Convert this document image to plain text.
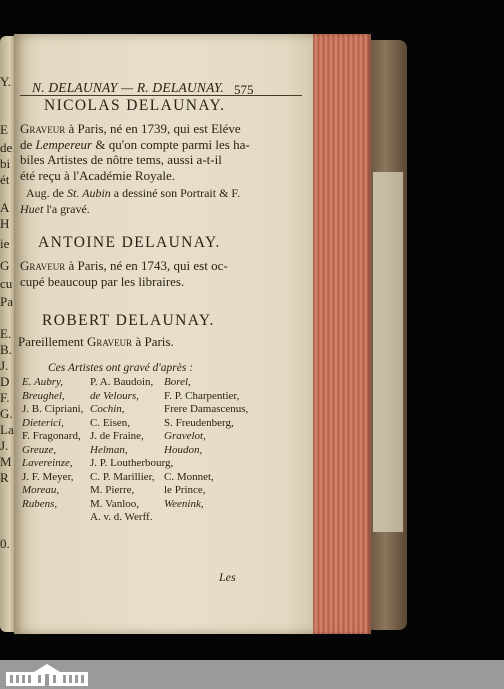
Y.
E
de
bi
ét
A
H
ie
G
cu
Pa
E.
B.
J.
D
F.
G.
La
J.
M
R
0.
N. DELAUNAY — R. DELAUNAY. 575
NICOLAS DELAUNAY.
Graveur à Paris, né en 1739, qui est Eléve
de Lempereur & qu'on compte parmi les ha-
biles Artistes de nôtre tems, aussi a-t-il
été reçu à l'Académie Royale.
Aug. de St. Aubin a dessiné son Portrait & F.
Huet l'a gravé.
ANTOINE DELAUNAY.
Graveur à Paris, né en 1743, qui est oc-
cupé beaucoup par les libraires.
ROBERT DELAUNAY.
Pareillement Graveur à Paris.
Ces Artistes ont gravé d'après :
E. Aubry,
Breughel,
J. B. Cipriani,
Dieterici,
F. Fragonard,
Greuze,
Lavereinze,
J. F. Meyer,
Moreau,
Rubens,
P. A. Baudoin,
de Velours,
Cochin,
C. Eisen,
J. de Fraine,
Helman,
J. P. Loutherbourg,
C. P. Marillier,
M. Pierre,
M. Vanloo,
A. v. d. Werff.
Borel,
F. P. Charpentier,
Frere Damascenus,
S. Freudenberg,
Gravelot,
Houdon,

C. Monnet,
le Prince,
Weenink,
Les
